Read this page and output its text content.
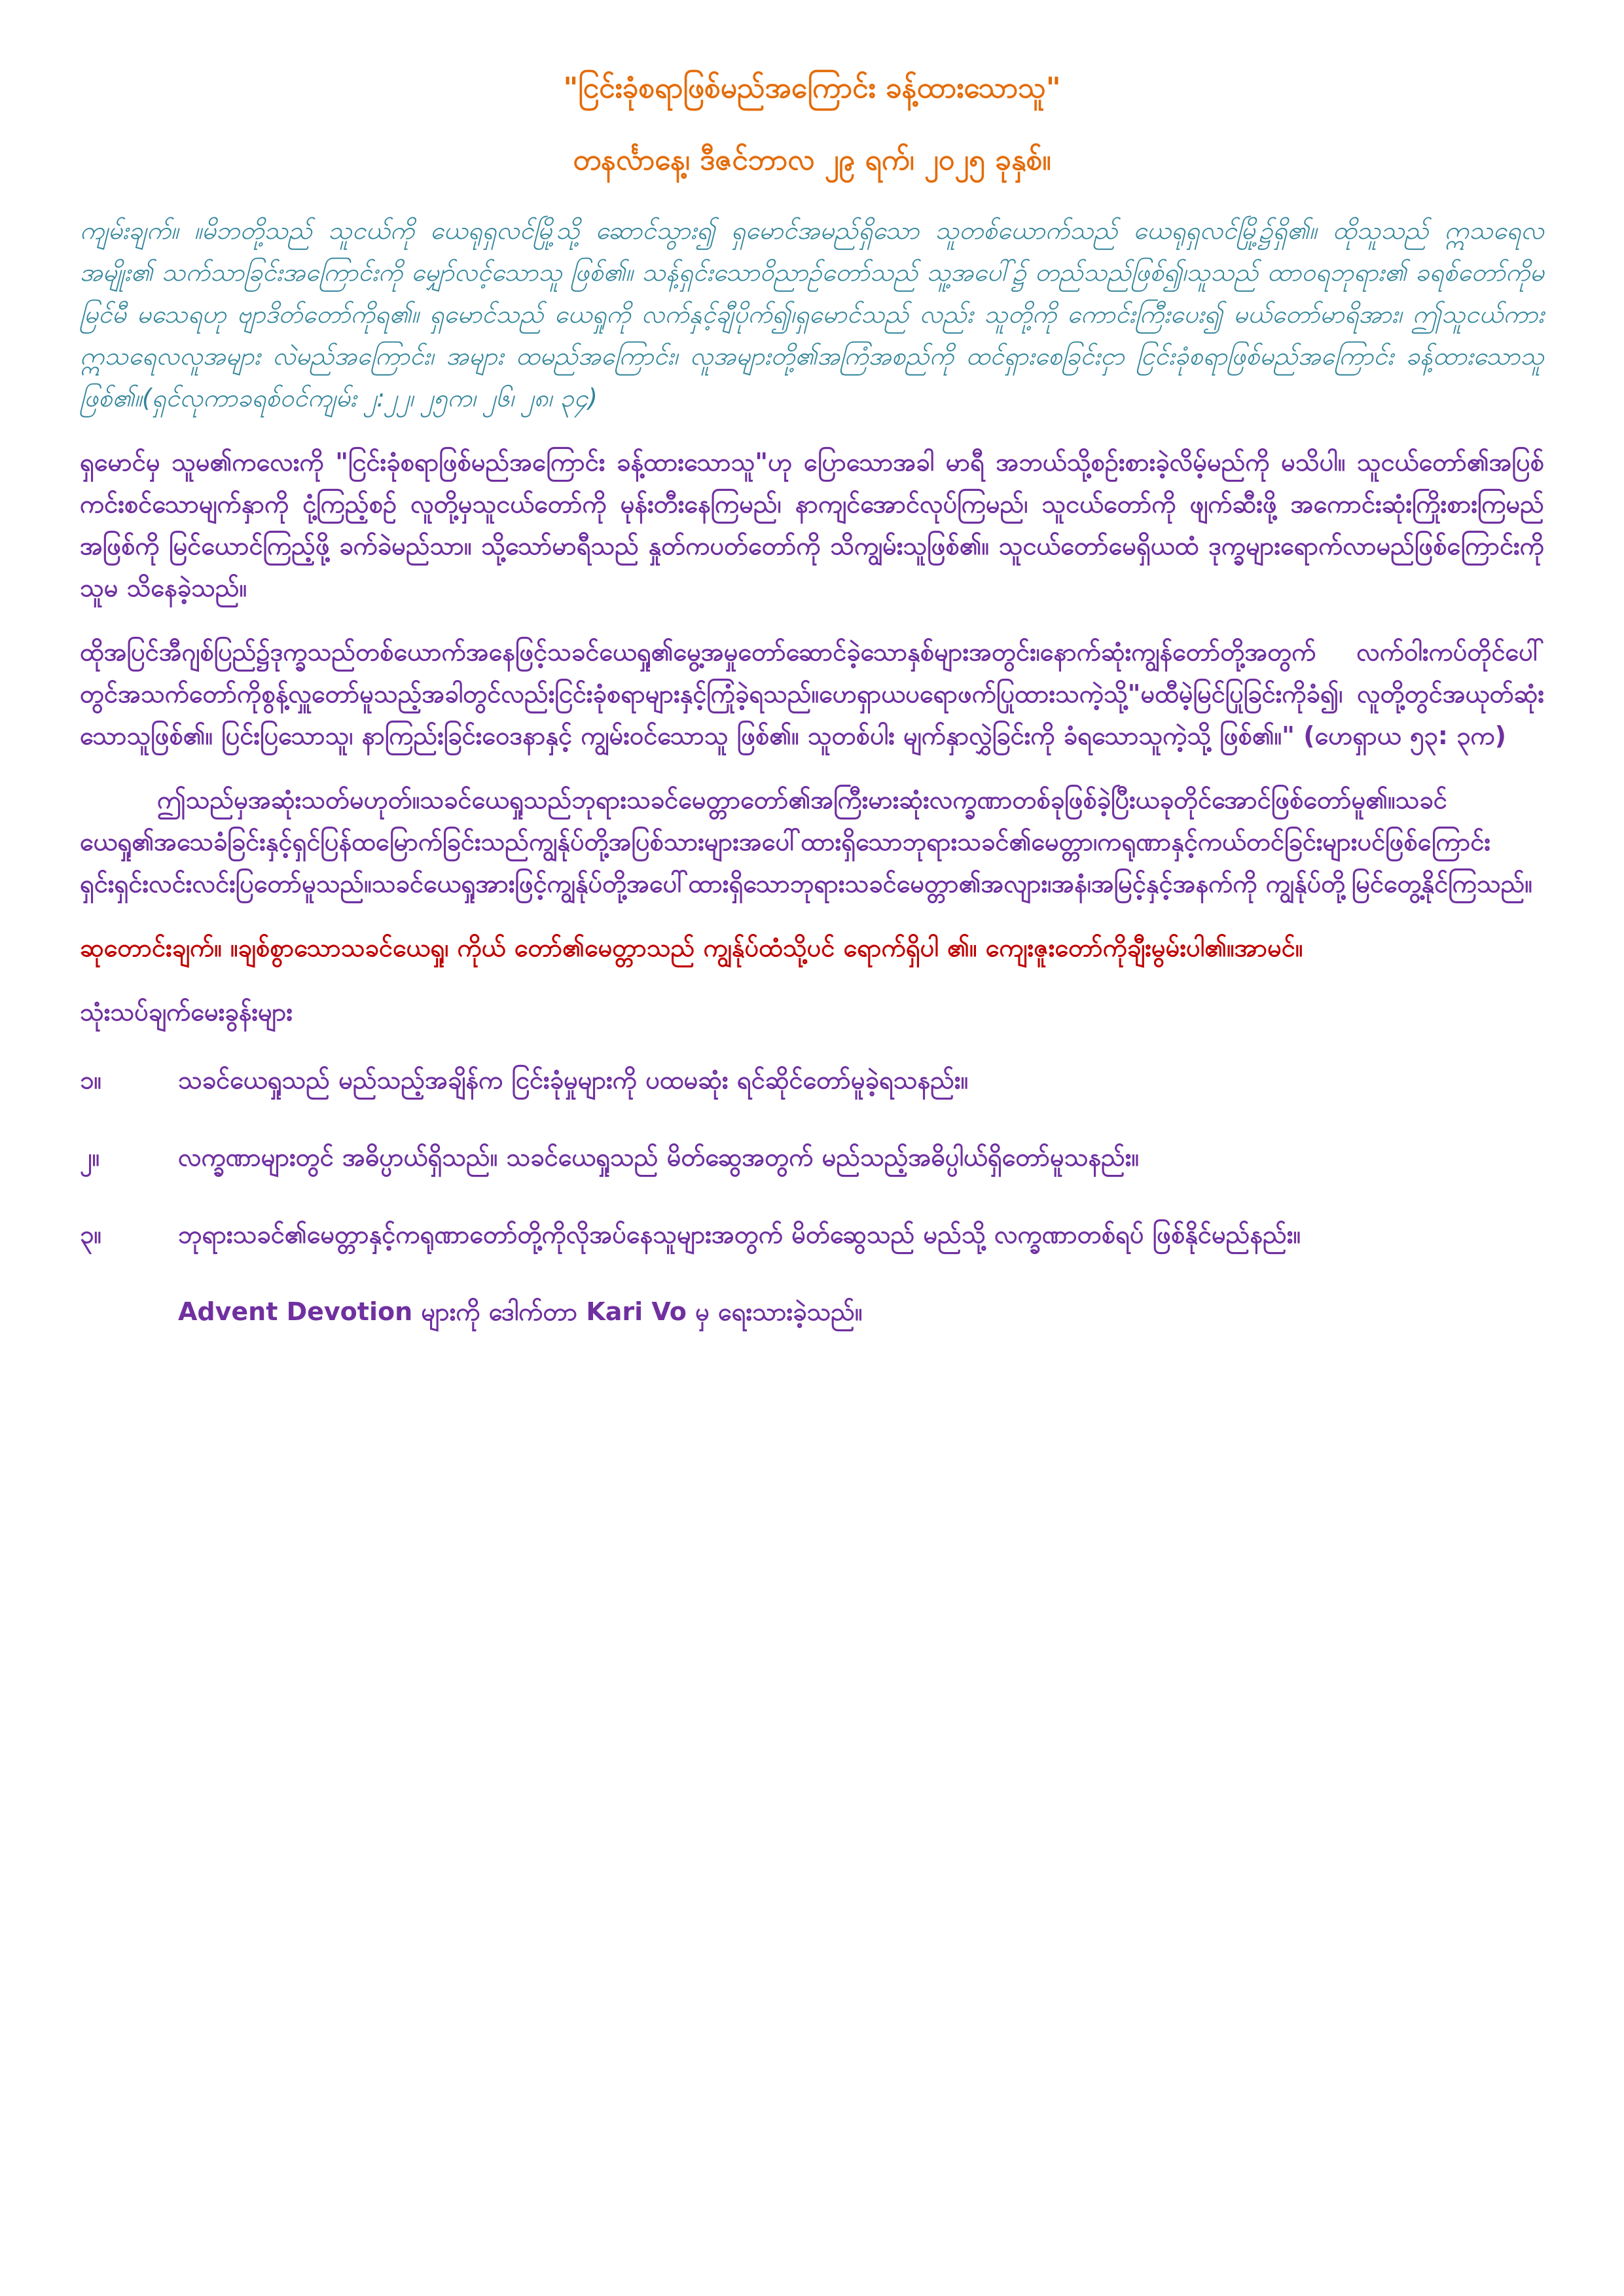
"ငြင်းခုံစရာဖြစ်မည်အကြောင်း ခန့်ထားသောသူ"

တနင်္လာနေ့၊ ဒီဇင်ဘာလ ၂၉ ရက်၊ ၂၀၂၅ ခုနှစ်။

ကျမ်းချက်။ ။မိဘတို့သည် သူငယ်ကို ယေရုရှလင်မြို့သို့ ဆောင်သွား၍ ရှမောင်အမည်ရှိသော သူတစ်ယောက်သည် ယေရုရှလင်မြို့၌ရှိ၏။ ထိုသူသည် ဣသရေလအမျိုး၏ သက်သာခြင်းအကြောင်းကို မျှော်လင့်သောသူ ဖြစ်၏။ သန့်ရှင်းသောဝိညာဉ်တော်သည် သူ့အပေါ်၌ တည်သည်ဖြစ်၍၊သူသည် ထာဝရဘုရား၏ ခရစ်တော်ကိုမမြင်မီ မသေရဟု ဗျာဒိတ်တော်ကိုရ၏။ ရှမောင်သည် ယေရှုကို လက်နှင့်ချီပိုက်၍၊ရှမောင်သည် လည်း သူတို့ကို ကောင်းကြီးပေး၍ မယ်တော်မာရိအား၊ ဤသူငယ်ကား ဣသရေလလူအများ လဲမည်အကြောင်း၊ အများ ထမည်အကြောင်း၊ လူအများတို့၏အကြံအစည်ကို ထင်ရှားစေခြင်းငှာ ငြင်းခုံစရာဖြစ်မည်အကြောင်း ခန့်ထားသောသူဖြစ်၏။(ရှင်လုကာခရစ်ဝင်ကျမ်း ၂:၂၂၊ ၂၅က၊ ၂၆၊ ၂၈၊ ၃၄)

ရှမောင်မှ သူမ၏ကလေးကို "ငြင်းခုံစရာဖြစ်မည်အကြောင်း ခန့်ထားသောသူ"ဟု ပြောသောအခါ မာရီ အဘယ်သို့စဥ်းစားခဲ့လိမ့်မည်ကို မသိပါ။ သူငယ်တော်၏အပြစ်ကင်းစင်သောမျက်နှာကို ငုံ့ကြည့်စဥ် လူတို့မှသူငယ်တော်ကို မုန်းတီးနေကြမည်၊ နာကျင်အောင်လုပ်ကြမည်၊ သူငယ်တော်ကို ဖျက်ဆီးဖို့ အကောင်းဆုံးကြိုးစားကြမည်အဖြစ်ကို မြင်ယောင်ကြည့်ဖို့ ခက်ခဲမည်သာ။ သို့သော်မာရီသည် နှုတ်ကပတ်တော်ကို သိကျွမ်းသူဖြစ်၏။ သူငယ်တော်မေရှိယထံ ဒုက္ခများရောက်လာမည်ဖြစ်ကြောင်းကို သူမ သိနေခဲ့သည်။

ထိုအပြင်အီဂျစ်ပြည်၌ဒုက္ခသည်တစ်ယောက်အနေဖြင့်သခင်ယေရှု၏မွေ့အမှုတော်ဆောင်ခဲ့သောနှစ်များအတွင်း၊နောက်ဆုံးကျွန်တော်တို့အတွက် လက်ဝါးကပ်တိုင်ပေါ်တွင်အသက်တော်ကိုစွန့်လှူတော်မူသည့်အခါတွင်လည်းငြင်းခုံစရာများနှင့်ကြုံခဲ့ရသည်။ဟေရှာယပရောဖက်ပြုထားသကဲ့သို့"မထီမဲ့မြင်ပြုခြင်းကိုခံ၍၊ လူတို့တွင်အယုတ်ဆုံးသောသူဖြစ်၏။ ပြင်းပြသောသူ၊ နာကြည်းခြင်းဝေဒနာနှင့် ကျွမ်းဝင်သောသူ ဖြစ်၏။ သူတစ်ပါး မျက်နှာလွှဲခြင်းကို ခံရသောသူကဲ့သို့ ဖြစ်၏။" (ဟေရှာယ ၅၃: ၃က)

ဤသည်မှအဆုံးသတ်မဟုတ်။သခင်ယေရှုသည်ဘုရားသခင်မေတ္တာတော်၏အကြီးမားဆုံးလက္ခဏာတစ်ခုဖြစ်ခဲ့ပြီးယခုတိုင်အောင်ဖြစ်တော်မူ၏။သခင်ယေရှု၏အသေခံခြင်းနှင့်ရှင်ပြန်ထမြောက်ခြင်းသည်ကျွန်ုပ်တို့အပြစ်သားများအပေါ်ထားရှိသောဘုရားသခင်၏မေတ္တာ၊ကရုဏာနှင့်ကယ်တင်ခြင်းများပင်ဖြစ်ကြောင်းရှင်းရှင်းလင်းလင်းပြတော်မူသည်။သခင်ယေရှုအားဖြင့်ကျွန်ုပ်တို့အပေါ်ထားရှိသောဘုရားသခင်မေတ္တာ၏အလျား၊အနံ၊အမြင့်နှင့်အနက်ကို ကျွန်ုပ်တို့မြင်တွေ့နိုင်ကြသည်။

ဆုတောင်းချက်။ ။ချစ်စွာသောသခင်ယေရှု၊ ကိုယ် တော်၏မေတ္တာသည် ကျွန်ုပ်ထံသို့ပင် ရောက်ရှိပါ ၏။ ကျေးဇူးတော်ကိုချီးမွမ်းပါ၏။အာမင်။

သုံးသပ်ချက်မေးခွန်းများ

၁။	သခင်ယေရှုသည် မည်သည့်အချိန်က ငြင်းခုံမှုများကို ပထမဆုံး ရင်ဆိုင်တော်မူခဲ့ရသနည်း။
၂။	လက္ခဏာများတွင် အဓိပ္ပာယ်ရှိသည်။ သခင်ယေရှုသည် မိတ်ဆွေအတွက် မည်သည့်အဓိပ္ပါယ်ရှိတော်မူသနည်း။
၃။	ဘုရားသခင်၏မေတ္တာနှင့်ကရုဏာတော်တို့ကိုလိုအပ်နေသူများအတွက် မိတ်ဆွေသည် မည်သို့ လက္ခဏာတစ်ရပ် ဖြစ်နိုင်မည်နည်း။

Advent Devotion များကို ဒေါက်တာ Kari Vo မှ ရေးသားခဲ့သည်။
